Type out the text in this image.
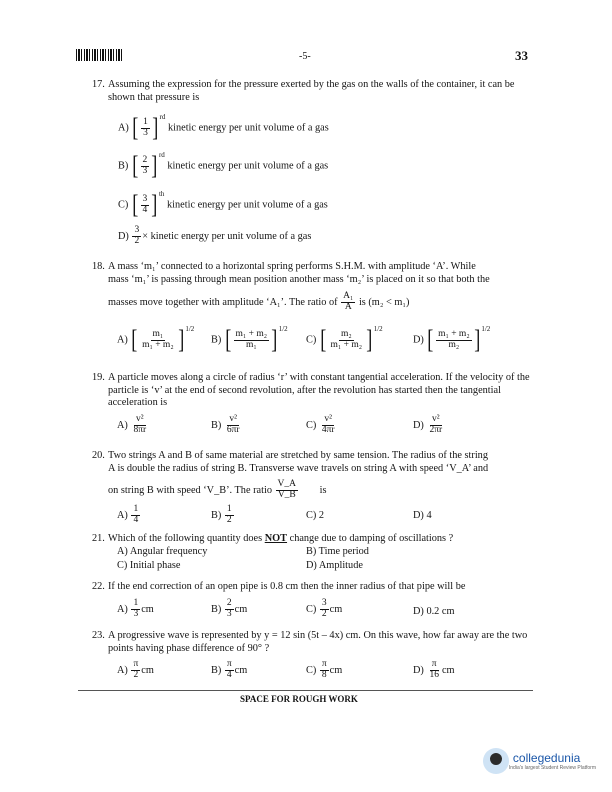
-5-	33
17. Assuming the expression for the pressure exerted by the gas on the walls of the container, it can be shown that pressure is
A) [ $\frac{1}{3}$ ] $^{rd}$ kinetic energy per unit volume of a gas
B) [ $\frac{2}{3}$ ] $^{rd}$ kinetic energy per unit volume of a gas
C) [ $\frac{3}{4}$ ] $^{th}$ kinetic energy per unit volume of a gas
$D) \frac{3}{2}$ × kinetic energy per unit volume of a gas
18. A mass ‘m₁’ connected to a horizontal spring performs S.H.M. with amplitude ‘A’. While
mass ‘m₁’ is passing through mean position another mass ‘m₂’ is placed on it so that both the
masses move together with amplitude ‘A₁’. The ratio of $\frac{\text{A₁}}{A}$ is (m₂ < m₁)
A) [ $\frac{\text{m₁}}{\text{m₁ + m₂}}$ ] $^{1/2}$
B) [ $\frac{\text{m₁ + m₂}}{\text{m₁}}$ ] $^{1/2}$
C) [ $\frac{\text{m₂}}{\text{m₁ + m₂}}$ ] $^{1/2}$
D) [ $\frac{\text{m₁ + m₂}}{\text{m₂}}$ ] $^{1/2}$
19. A particle moves along a circle of radius ‘r’ with constant tangential acceleration. If the velocity of the particle is ‘v’ at the end of second revolution, after the revolution has started then the tangential acceleration is
$A) \frac{\text{v²}}{8\pi r}$	$B) \frac{\text{v²}}{6\pi r}$	$C) \frac{\text{v²}}{4\pi r}$	$D) \frac{\text{v²}}{2\pi r}$
20. Two strings A and B of same material are stretched by same tension. The radius of the string
A is double the radius of string B. Transverse wave travels on string A with speed ‘V_A’ and
on string B with speed ‘V_B’. The ratio $\frac{V\_A}{V\_B}$ is
$A) \frac{1}{4}$	$B) \frac{1}{2}$	C) 2	D) 4
21. Which of the following quantity does NOT change due to damping of oscillations ?
A) Angular frequency	B) Time period
C) Initial phase	D) Amplitude
22. If the end correction of an open pipe is 0.8 cm then the inner radius of that pipe will be
$A) \frac{1}{3}$ cm	$B) \frac{2}{3}$ cm	$C) \frac{3}{2}$ cm	D) 0.2 cm
23. A progressive wave is represented by y = 12 sin (5t – 4x) cm. On this wave, how far away are the two points having phase difference of 90° ?
$A) \frac{\pi}{2}$ cm	$B) \frac{\pi}{4}$ cm	$C) \frac{\pi}{8}$ cm	$D) \frac{\pi}{16}$ cm
SPACE FOR ROUGH WORK
collegedunia
India's largest Student Review Platform
